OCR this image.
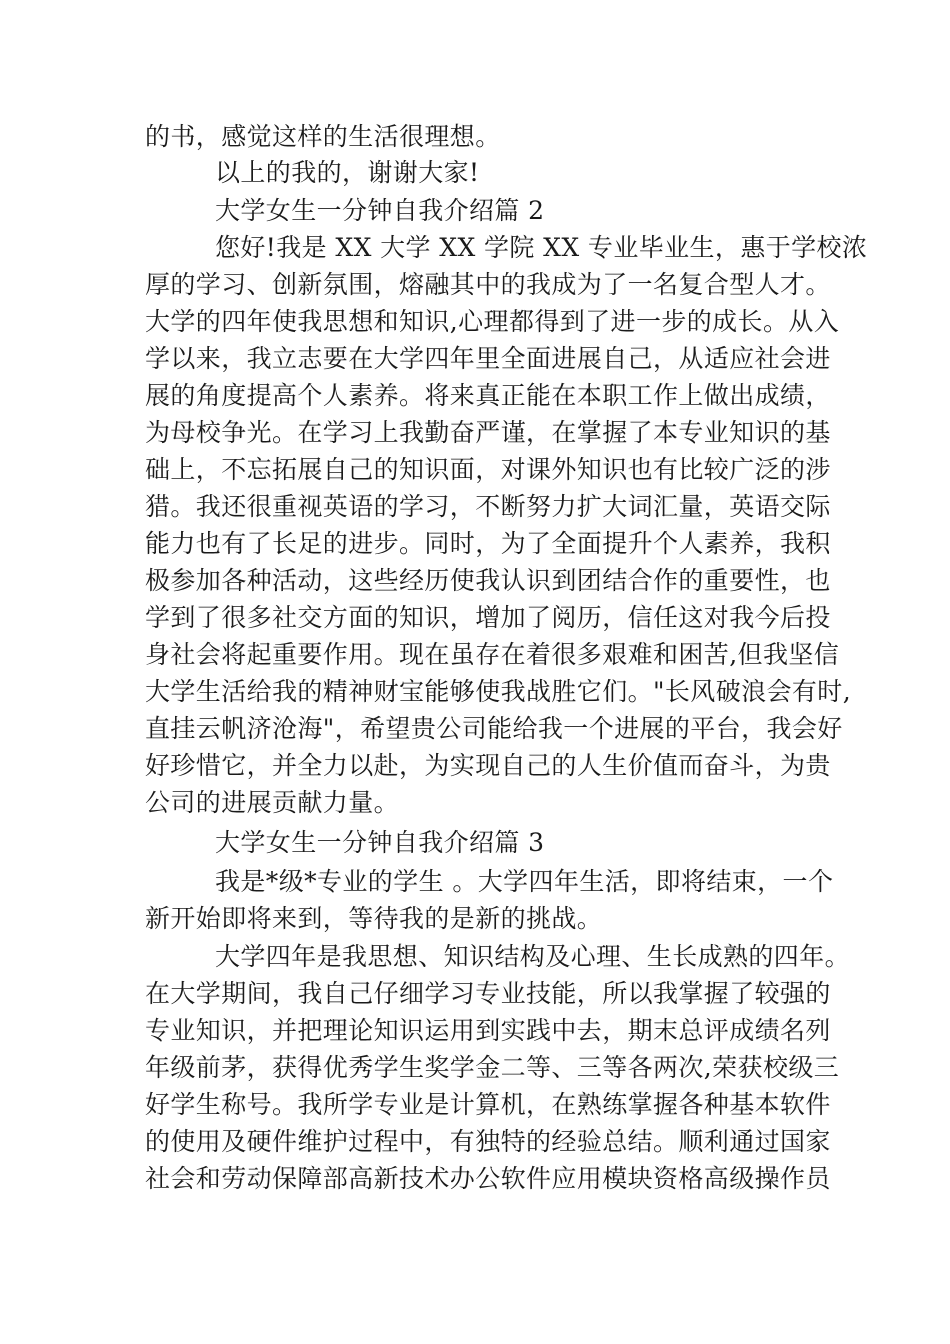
的书，感觉这样的生活很理想。
以上的我的，谢谢大家!
大学女生一分钟自我介绍篇 2
您好!我是 XX 大学 XX 学院 XX 专业毕业生，惠于学校浓
厚的学习、创新氛围，熔融其中的我成为了一名复合型人才。
大学的四年使我思想和知识,心理都得到了进一步的成长。从入
学以来，我立志要在大学四年里全面进展自己，从适应社会进
展的角度提高个人素养。将来真正能在本职工作上做出成绩，
为母校争光。在学习上我勤奋严谨，在掌握了本专业知识的基
础上，不忘拓展自己的知识面，对课外知识也有比较广泛的涉
猎。我还很重视英语的学习，不断努力扩大词汇量，英语交际
能力也有了长足的进步。同时，为了全面提升个人素养，我积
极参加各种活动，这些经历使我认识到团结合作的重要性，也
学到了很多社交方面的知识，增加了阅历，信任这对我今后投
身社会将起重要作用。现在虽存在着很多艰难和困苦,但我坚信
大学生活给我的精神财宝能够使我战胜它们。"长风破浪会有时,
直挂云帆济沧海"，希望贵公司能给我一个进展的平台，我会好
好珍惜它，并全力以赴，为实现自己的人生价值而奋斗，为贵
公司的进展贡献力量。
大学女生一分钟自我介绍篇 3
我是*级*专业的学生 。大学四年生活，即将结束，一个
新开始即将来到，等待我的是新的挑战。
大学四年是我思想、知识结构及心理、生长成熟的四年。
在大学期间，我自己仔细学习专业技能，所以我掌握了较强的
专业知识，并把理论知识运用到实践中去，期末总评成绩名列
年级前茅，获得优秀学生奖学金二等、三等各两次,荣获校级三
好学生称号。我所学专业是计算机，在熟练掌握各种基本软件
的使用及硬件维护过程中，有独特的经验总结。顺利通过国家
社会和劳动保障部高新技术办公软件应用模块资格高级操作员
